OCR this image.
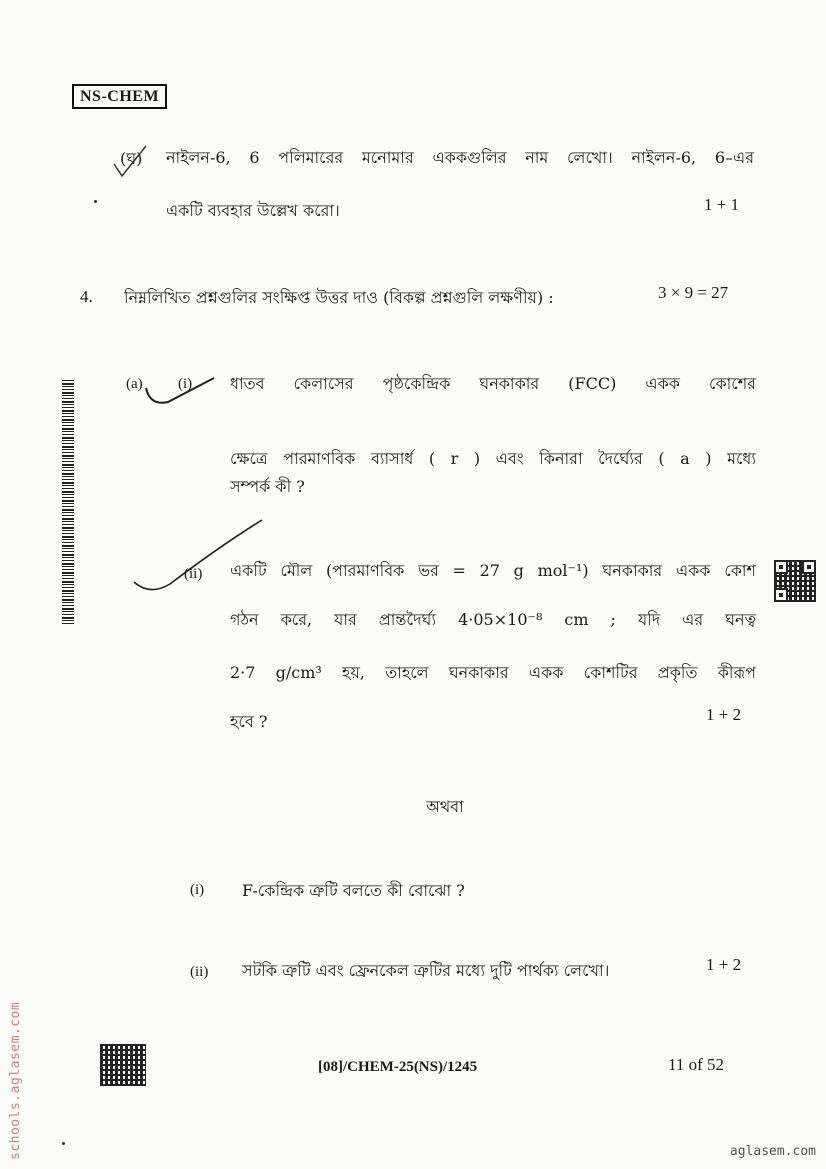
NS-CHEM
(ঘ) নাইলন-6, 6 পলিমারের মনোমার এককগুলির নাম লেখো। নাইলন-6, 6–এর
একটি ব্যবহার উল্লেখ করো।	1 + 1
4. নিম্নলিখিত প্রশ্নগুলির সংক্ষিপ্ত উত্তর দাও (বিকল্প প্রশ্নগুলি লক্ষণীয়) :	3 × 9 = 27
(a) (i) ধাতব কেলাসের পৃষ্ঠকেন্দ্রিক ঘনকাকার (FCC) একক কোশের
ক্ষেত্রে পারমাণবিক ব্যাসার্ধ ( r ) এবং কিনারা দৈর্ঘ্যের ( a ) মধ্যে
সম্পর্ক কী ?
(ii) একটি মৌল (পারমাণবিক ভর = 27 g mol⁻¹) ঘনকাকার একক কোশ
গঠন করে, যার প্রান্তদৈর্ঘ্য 4·05×10⁻⁸ cm ; যদি এর ঘনত্ব
2·7 g/cm³ হয়, তাহলে ঘনকাকার একক কোশটির প্রকৃতি কীরূপ
হবে ?	1 + 2
অথবা
(i) F-কেন্দ্রিক ত্রুটি বলতে কী বোঝো ?
(ii) সটকি ত্রুটি এবং ফ্রেনকেল ত্রুটির মধ্যে দুটি পার্থক্য লেখো।	1 + 2
[08]/CHEM-25(NS)/1245	11 of 52
schools.aglasem.com	aglasem.com
